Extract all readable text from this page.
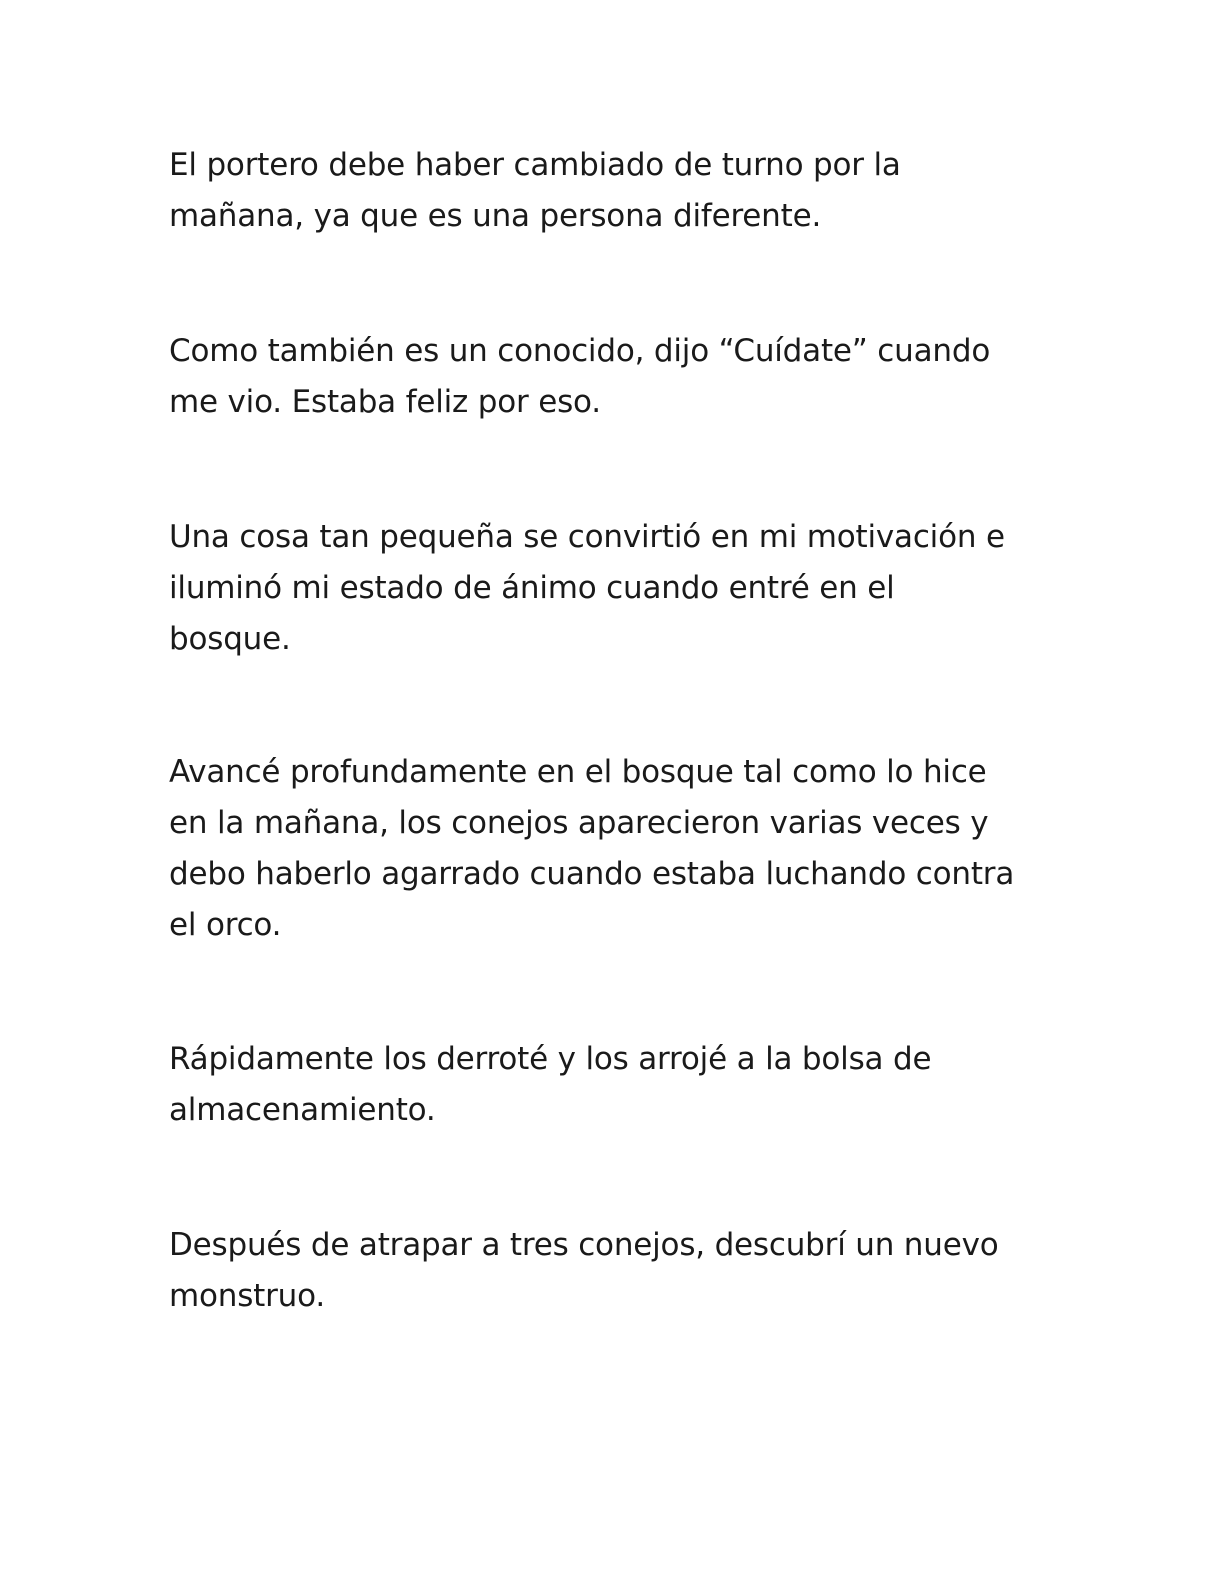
El portero debe haber cambiado de turno por la
mañana, ya que es una persona diferente.

Como también es un conocido, dijo “Cuídate” cuando
me vio. Estaba feliz por eso.

Una cosa tan pequeña se convirtió en mi motivación e
iluminó mi estado de ánimo cuando entré en el
bosque.

Avancé profundamente en el bosque tal como lo hice
en la mañana, los conejos aparecieron varias veces y
debo haberlo agarrado cuando estaba luchando contra
el orco.

Rápidamente los derroté y los arrojé a la bolsa de
almacenamiento.

Después de atrapar a tres conejos, descubrí un nuevo
monstruo.
